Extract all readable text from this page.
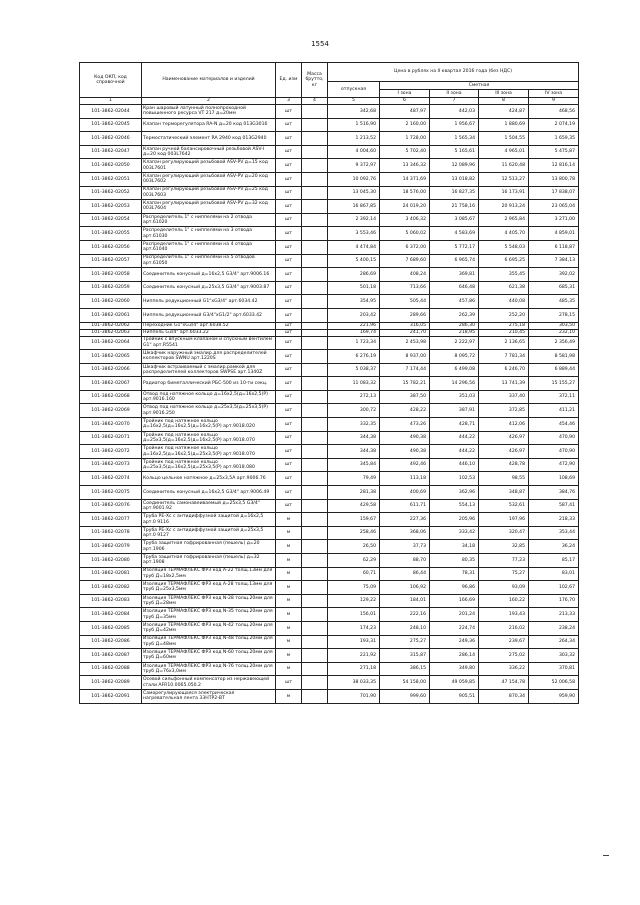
1554
Код ОКП, код справочной	Наименование материалов и изделий	Ед. изм	Масса брутто, кг	Цена в рублях на II квартал 2016 года (без НДС)				
				отпускная	Сметная			
					I зона	II зона	III зона	IV зона
1	2	3	4	5	6	7	8	9
101-3862-02044	Кран шаровый латунный полнопроходной повышенного ресурса VT 217 д=20мм	шт		342,68	487,97	442,03	424,87	468,56
101-3862-02045	Клапан терморегулятора RA-N д=20 код 013G3016	шт		1 516,90	2 160,00	1 956,67	1 880,69	2 074,19
101-3862-02046	Термостатический элемент RA 2940 код 013G2940	шт		1 213,52	1 728,00	1 565,34	1 504,55	1 659,35
101-3862-02047	Клапан ручной балансировочный резьбовой ASV-I д=20 код 003L7642	шт		4 004,60	5 702,40	5 165,61	4 965,01	5 475,87
101-3862-02050	Клапан регулирующий резьбовой ASV-PV д=15 код 003L7601	шт		9 372,97	13 346,32	12 089,96	11 620,48	12 816,14
101-3862-02051	Клапан регулирующий резьбовой ASV-PV д=20 код 003L7602	шт		10 092,76	14 371,69	13 018,82	12 513,27	13 800,78
101-3862-02052	Клапан регулирующий резьбовой ASV-PV д=25 код 003L7603	шт		13 045,30	18 576,00	16 827,35	16 173,91	17 838,07
101-3862-02053	Клапан регулирующий резьбовой ASV-PV д=32 код 003L7604	шт		16 867,85	24 019,20	21 758,16	20 913,24	23 065,04
101-3862-02054	Распределитель 1" с ниппелями на 2 отвода арт.61020	шт		2 392,14	3 406,32	3 085,67	2 965,84	3 271,00
101-3862-02055	Распределитель 1" с ниппелями на 3 отвода арт.61030	шт		3 553,46	5 060,02	4 583,69	4 405,70	4 859,01
101-3862-02056	Распределитель 1" с ниппелями на 4 отвода арт.61040	шт		4 474,84	6 372,00	5 772,17	5 548,03	6 118,87
101-3862-02057	Распределитель 1" с ниппелями на 5 отводов арт.61050	шт		5 400,15	7 689,60	6 965,74	6 695,25	7 384,13
101-3862-02058	Соединитель конусный д=16х2,5 G3/4" арт.9006.16	шт		286,69	408,24	369,81	355,45	392,02
101-3862-02059	Соединитель конусный д=25х3,5 G3/4" арт.9003.87	шт		501,18	713,66	646,48	621,38	685,31
101-3862-02060	Ниппель редукционный G1"хG3/4" арт.6034.42	шт		354,95	505,44	457,86	440,08	485,35
101-3862-02061	Ниппель редукционный G3/4"хG1/2" арт.6033.42	шт		203,42	289,66	262,39	252,20	278,15
101-3862-02062	Переходник G1"хG3/4" арт.6038.52	шт		221,96	316,05	286,30	275,18	303,50
101-3862-02063	Ниппель G3/4" арт.6033.22	шт		169,74	241,70	218,95	210,45	232,10
101-3862-02064	Тройник с впускным клапаном и спускным вентилем G1" арт.R5541	шт		1 723,34	2 453,98	2 222,97	2 136,65	2 356,49
101-3862-02065	Шкафчик наружный эмалир.для распределителей коллекторов SWNU арт.1220S	шт		6 276,19	8 937,00	8 095,72	7 781,34	8 581,98
101-3862-02066	Шкафчик встраиваемый с эмалир.рамкой для распределителей коллекторов SWPSE арт.1340Z	шт		5 038,37	7 174,44	6 499,08	6 246,70	6 889,44
101-3862-02067	Радиатор биметаллический РБС-500 из 10-ти секц.	шт		11 083,32	15 782,21	14 296,56	13 741,39	15 155,27
101-3862-02068	Отвод под натяжное кольцо д=16х2,5(д=16х2,5(Р) арт.9016.160	шт		272,13	387,50	351,03	337,40	372,11
101-3862-02069	Отвод под натяжное кольцо д=25х3,5(д=25х3,5(Р) арт.9016.250	шт		300,72	428,22	387,91	372,85	411,21
101-3862-02070	Тройник под натяжное кольцо д=16х2,5(д=16х2,5(д=16х2,5(Р) арт.9018.020	шт		332,35	473,26	428,71	412,06	454,46
101-3862-02071	Тройник под натяжное кольцо д=25х3,5(д=16х2,5(д=16х2,5(Р) арт.9018.070	шт		344,38	490,38	444,22	426,97	470,90
101-3862-02072	Тройник под натяжное кольцо д=16х2,5(д=16х2,5(д=25х3,5(Р) арт.9018.070	шт		344,38	490,38	444,22	426,97	470,90
101-3862-02073	Тройник под натяжное кольцо д=25х3,5(д=16х2,5(д=25х3,5(Р) арт.9018.080	шт		345,84	492,46	446,10	428,78	472,90
101-3862-02074	Кольцо цельное натяжное д=25х3,5А арт.9006.76	шт		79,49	113,18	102,53	98,55	108,69
101-3862-02075	Соединитель конусный д=16х2,5 G3/4" арт.9006.49	шт		281,38	400,69	362,96	348,87	384,76
101-3862-02076	Соединитель самонавеиваемый д=25х3,5 G3/4" арт.9001.92	шт		429,58	611,71	554,13	532,61	587,41
101-3862-02077	Труба РЕ-Хс с антидиффузной защитой д=16х2,5 арт.0 9116	м		159,67	227,36	205,96	197,96	218,33
101-3862-02078	Труба РЕ-Хс с антидиффузной защитой д=25х3,5 арт.0 9127	м		258,46	368,06	333,42	320,47	353,44
101-3862-02079	Труба защитная гофрированная (пешель) д=20 арт.1906	м		26,50	37,73	34,18	32,85	36,24
101-3862-02080	Труба защитная гофрированная (пешель) д=32 арт.1908	м		62,29	88,70	80,35	77,23	85,17
101-3862-02081	Изоляция ТЕРМАФЛЕКС ФРЗ код А-22 толщ.13мм для труб Д=18х2,5мм	м		60,71	86,44	78,31	75,27	83,01
101-3862-02082	Изоляция ТЕРМАФЛЕКС ФРЗ код А-28 толщ.13мм для труб Д=25х3,5мм	м		75,09	106,92	96,86	93,09	102,67
101-3862-02083	Изоляция ТЕРМАФЛЕКС ФРЗ код N-28 толщ.20мм для труб Д=28мм	м		129,22	184,01	166,69	160,22	176,70
101-3862-02084	Изоляция ТЕРМАФЛЕКС ФРЗ код N-35 толщ.20мм для труб Д=35мм	м		156,01	222,16	201,24	193,43	213,33
101-3862-02085	Изоляция ТЕРМАФЛЕКС ФРЗ код N-42 толщ.20мм для труб Д=42мм	м		174,23	248,10	224,74	216,02	238,24
101-3862-02086	Изоляция ТЕРМАФЛЕКС ФРЗ код N-48 толщ.20мм для труб Д=48мм	м		193,31	275,27	249,36	239,67	264,34
101-3862-02087	Изоляция ТЕРМАФЛЕКС ФРЗ код N-60 толщ.20мм для труб Д=60мм	м		221,92	315,87	286,14	275,02	303,32
101-3862-02088	Изоляция ТЕРМАФЛЕКС ФРЗ код N-76 толщ.20мм для труб Д=76х3,0мм	м		271,18	386,15	349,80	336,22	370,81
101-3862-02089	Осевой сильфонный компенсатор из нержавеющей стали AFR10.0065.050.2	шт		38 033,35	54 158,00	49 059,85	47 154,78	52 006,58
101-3862-02091	Саморегулирующаяся электрическая нагревательная лента 33НТР2-BT	м		701,90	999,60	905,51	870,34	959,90
